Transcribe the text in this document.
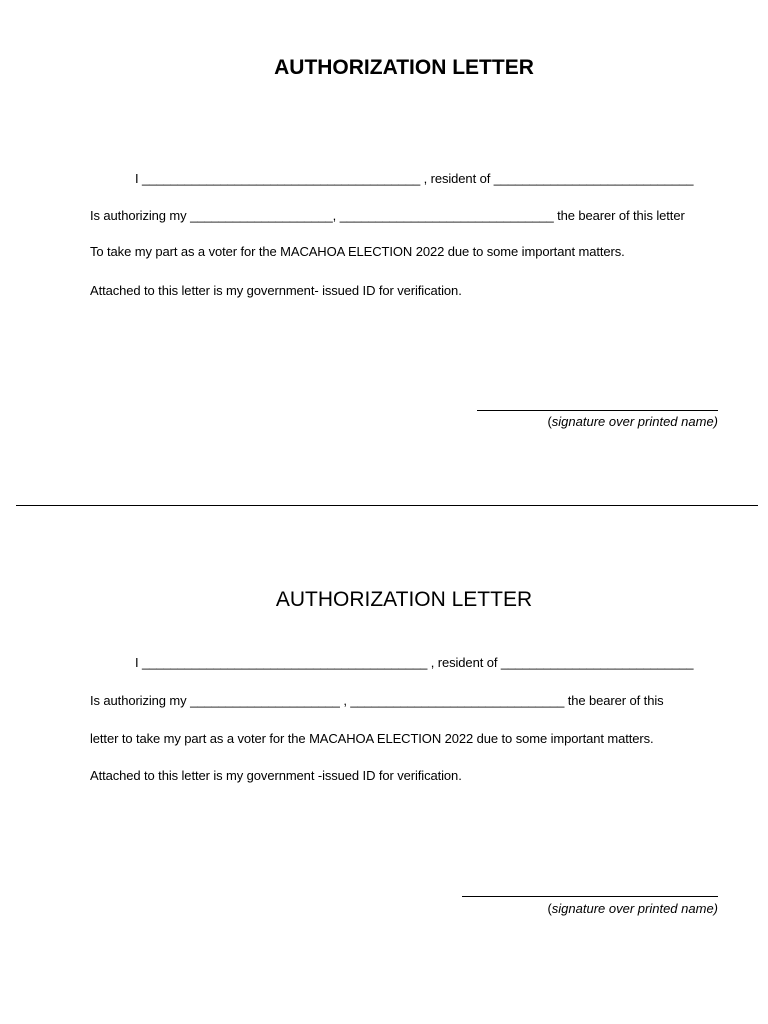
AUTHORIZATION LETTER
I _______________________________________ , resident of ____________________________
Is authorizing my ____________________, ______________________________ the bearer of this letter
To take my part as a voter for the MACAHOA ELECTION 2022 due to some important matters.
Attached to this letter is my government- issued ID for verification.
(signature over printed name)
AUTHORIZATION LETTER
I ________________________________________ , resident of ___________________________
Is authorizing my _____________________ , ______________________________ the bearer of this
letter to take my part as a voter for the MACAHOA ELECTION 2022 due to some important matters.
Attached to this letter is my government -issued ID for verification.
(signature over printed name)
